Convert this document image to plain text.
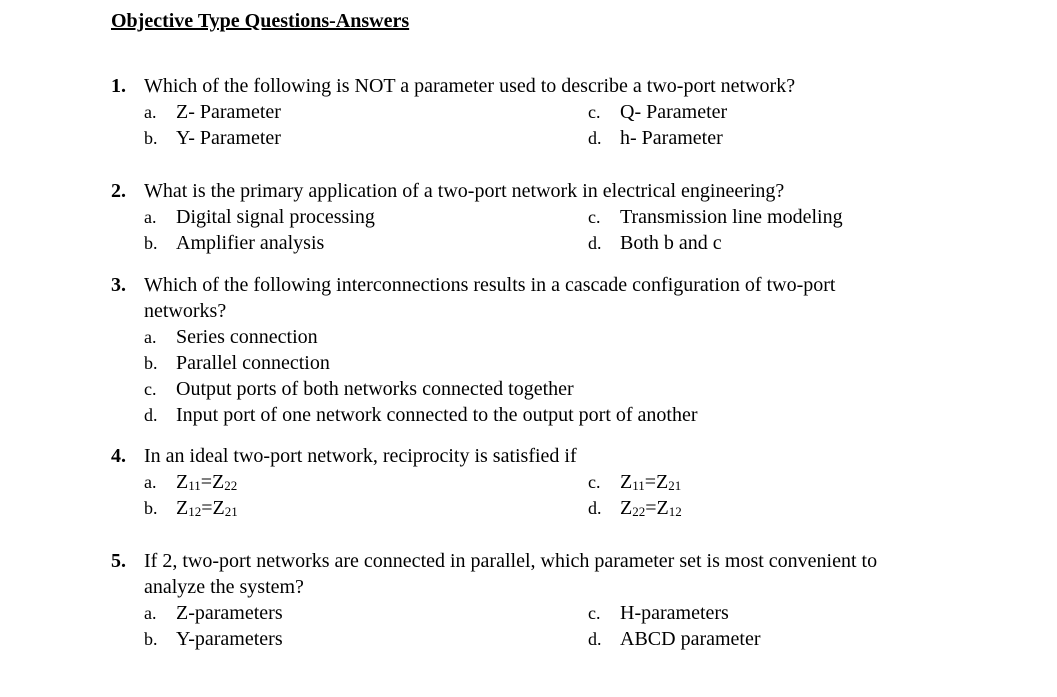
Objective Type Questions-Answers
1. Which of the following is NOT a parameter used to describe a two-port network?
a. Z- Parameter	c. Q- Parameter
b. Y- Parameter	d. h- Parameter
2. What is the primary application of a two-port network in electrical engineering?
a. Digital signal processing	c. Transmission line modeling
b. Amplifier analysis	d. Both b and c
3. Which of the following interconnections results in a cascade configuration of two-port
networks?
a. Series connection
b. Parallel connection
c. Output ports of both networks connected together
d. Input port of one network connected to the output port of another
4. In an ideal two-port network, reciprocity is satisfied if
a. $Z_{11}=Z_{22}$	c. $Z_{11}=Z_{21}$
b. $Z_{12}=Z_{21}$	d. $Z_{22}=Z_{12}$
5. If 2, two-port networks are connected in parallel, which parameter set is most convenient to
analyze the system?
a. Z-parameters	c. H-parameters
b. Y-parameters	d. ABCD parameter
